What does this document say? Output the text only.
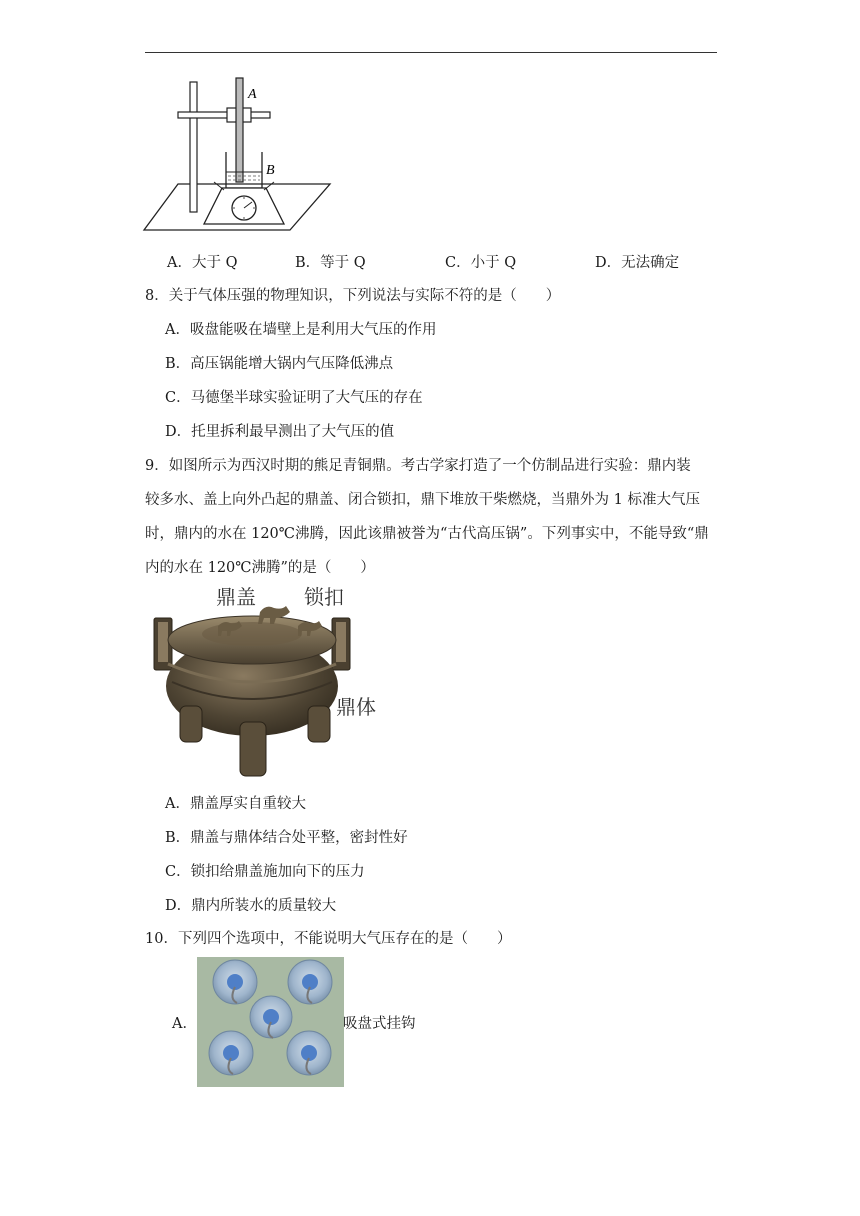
A
B
A．大于 Q	B．等于 Q	C．小于 Q	D．无法确定
8．关于气体压强的物理知识，下列说法与实际不符的是（　　）
A．吸盘能吸在墙壁上是利用大气压的作用
B．高压锅能增大锅内气压降低沸点
C．马德堡半球实验证明了大气压的存在
D．托里拆利最早测出了大气压的值
9．如图所示为西汉时期的熊足青铜鼎。考古学家打造了一个仿制品进行实验：鼎内装
较多水、盖上向外凸起的鼎盖、闭合锁扣，鼎下堆放干柴燃烧，当鼎外为 1 标准大气压
时，鼎内的水在 120℃沸腾，因此该鼎被誉为“古代高压锅”。下列事实中，不能导致“鼎
内的水在 120℃沸腾”的是（　　）
鼎盖 锁扣
鼎体
A．鼎盖厚实自重较大
B．鼎盖与鼎体结合处平整，密封性好
C．锁扣给鼎盖施加向下的压力
D．鼎内所装水的质量较大
10．下列四个选项中，不能说明大气压存在的是（　　）
A．	吸盘式挂钩
